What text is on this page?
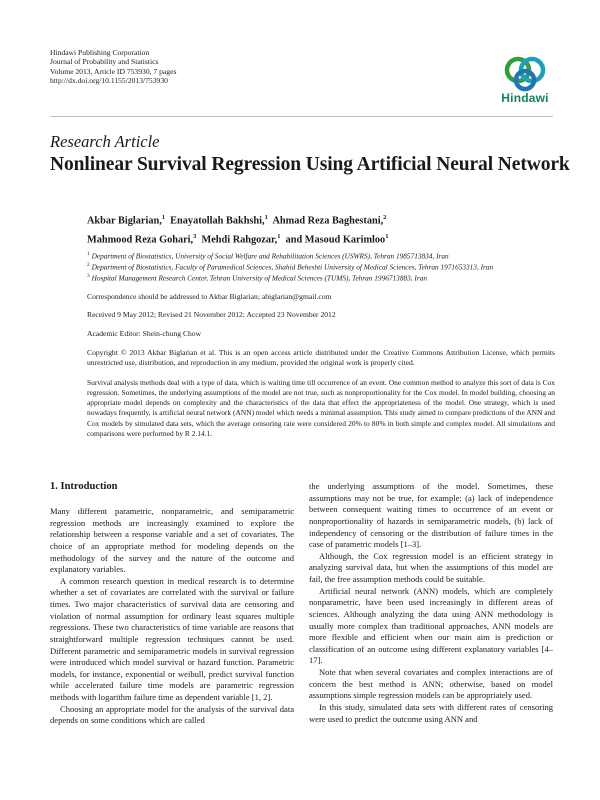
Hindawi Publishing Corporation
Journal of Probability and Statistics
Volume 2013, Article ID 753930, 7 pages
http://dx.doi.org/10.1155/2013/753930
Hindawi
Research Article
Nonlinear Survival Regression Using Artificial Neural Network
Akbar Biglarian,$^1$ Enayatollah Bakhshi,$^1$ Ahmad Reza Baghestani,$^2$
Mahmood Reza Gohari,$^3$ Mehdi Rahgozar,$^1$ and Masoud Karimloo$^1$
$^1$ Department of Biostatistics, University of Social Welfare and Rehabilitation Sciences (USWRS), Tehran 1985713834, Iran
$^2$ Department of Biostatistics, Faculty of Paramedical Sciences, Shahid Beheshti University of Medical Sciences, Tehran 1971653313, Iran
$^3$ Hospital Management Research Center, Tehran University of Medical Sciences (TUMS), Tehran 1996713883, Iran
Correspondence should be addressed to Akbar Biglarian; abiglarian@gmail.com
Received 9 May 2012; Revised 21 November 2012; Accepted 23 November 2012
Academic Editor: Shein-chung Chow
Copyright © 2013 Akbar Biglarian et al. This is an open access article distributed under the Creative Commons Attribution License, which permits unrestricted use, distribution, and reproduction in any medium, provided the original work is properly cited.
Survival analysis methods deal with a type of data, which is waiting time till occurrence of an event. One common method to analyze this sort of data is Cox regression. Sometimes, the underlying assumptions of the model are not true, such as nonproportionality for the Cox model. In model building, choosing an appropriate model depends on complexity and the characteristics of the data that effect the appropriateness of the model. One strategy, which is used nowadays frequently, is artificial neural network (ANN) model which needs a minimal assumption. This study aimed to compare predictions of the ANN and Cox models by simulated data sets, which the average censoring rate were considered 20% to 80% in both simple and complex model. All simulations and comparisons were performed by R 2.14.1.
1. Introduction

Many different parametric, nonparametric, and semiparametric regression methods are increasingly examined to explore the relationship between a response variable and a set of covariates. The choice of an appropriate method for modeling depends on the methodology of the survey and the nature of the outcome and explanatory variables.

A common research question in medical research is to determine whether a set of covariates are correlated with the survival or failure times. Two major characteristics of survival data are censoring and violation of normal assumption for ordinary least squares multiple regressions. These two characteristics of time variable are reasons that straightforward multiple regression techniques cannot be used. Different parametric and semiparametric models in survival regression were introduced which model survival or hazard function. Parametric models, for instance, exponential or weibull, predict survival function while accelerated failure time models are parametric regression methods with logarithm failure time as dependent variable [1, 2].

Choosing an appropriate model for the analysis of the survival data depends on some conditions which are called

the underlying assumptions of the model. Sometimes, these assumptions may not be true, for example: (a) lack of independence between consequent waiting times to occurrence of an event or nonproportionality of hazards in semiparametric models, (b) lack of independency of censoring or the distribution of failure times in the case of parametric models [1–3].

Although, the Cox regression model is an efficient strategy in analyzing survival data, but when the assumptions of this model are fail, the free assumption methods could be suitable.

Artificial neural network (ANN) models, which are completely nonparametric, have been used increasingly in different areas of sciences. Although analyzing the data using ANN methodology is usually more complex than traditional approaches, ANN models are more flexible and efficient when our main aim is prediction or classification of an outcome using different explanatory variables [4–17].

Note that when several covariates and complex interactions are of concern the best method is ANN; otherwise, based on model assumptions simple regression models can be appropriately used.

In this study, simulated data sets with different rates of censoring were used to predict the outcome using ANN and
